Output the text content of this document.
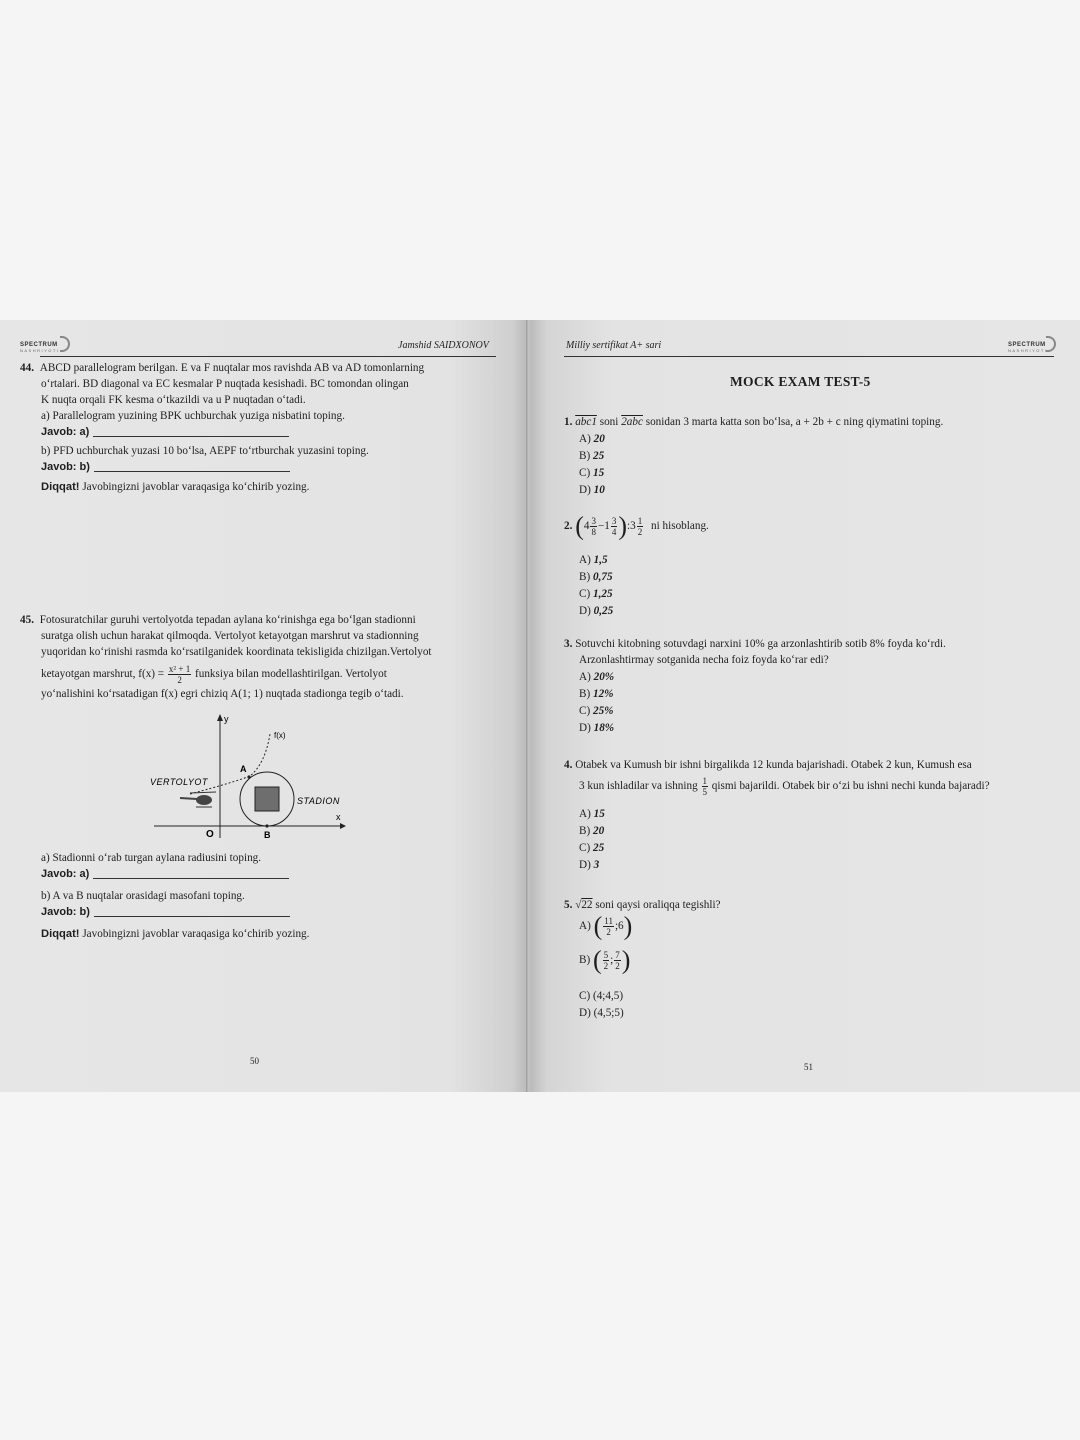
SPECTRUM
NASHRIYOTI	Jamshid SAIDXONOV

44. ABCD parallelogram berilgan. E va F nuqtalar mos ravishda AB va AD tomonlarning

o‘rtalari. BD diagonal va EC kesmalar P nuqtada kesishadi. BC tomondan olingan

K nuqta orqali FK kesma o‘tkazildi va u P nuqtadan o‘tadi.

a) Parallelogram yuzining BPK uchburchak yuziga nisbatini toping.

Javob: a)

b) PFD uchburchak yuzasi 10 bo‘lsa, AEPF to‘rtburchak yuzasini toping.

Javob: b)

Diqqat! Javobingizni javoblar varaqasiga ko‘chirib yozing.

45. Fotosuratchilar guruhi vertolyotda tepadan aylana ko‘rinishga ega bo‘lgan stadionni

suratga olish uchun harakat qilmoqda. Vertolyot ketayotgan marshrut va stadionning

yuqoridan ko‘rinishi rasmda ko‘rsatilganidek koordinata tekisligida chizilgan.Vertolyot

ketayotgan marshrut, $f(x) = \frac{\text{x² + 1}}{2}$ funksiya bilan modellashtirilgan. Vertolyot

yo‘nalishini ko‘rsatadigan f(x) egri chiziq A(1; 1) nuqtada stadionga tegib o‘tadi.

y
x
O	B
A
f(x)
VERTOLYOT
STADION

a) Stadionni o‘rab turgan aylana radiusini toping.

Javob: a)

b) A va B nuqtalar orasidagi masofani toping.

Javob: b)

Diqqat! Javobingizni javoblar varaqasiga ko‘chirib yozing.

50
Milliy sertifikat A+ sari	SPECTRUM
NASHRIYOTI
MOCK EXAM TEST-5

1. abc1 soni 2abc sonidan 3 marta katta son bo‘lsa, a + 2b + c ning qiymatini toping.

A) 20
B) 25
C) 15
D) 10

2. ($4 \frac{3}{8} -1 \frac{3}{4}$ ):3 $\frac{1}{2}$ ni hisoblang.

A) 1,5
B) 0,75
C) 1,25
D) 0,25

3. Sotuvchi kitobning sotuvdagi narxini 10% ga arzonlashtirib sotib 8% foyda ko‘rdi.

Arzonlashtirmay sotganida necha foiz foyda ko‘rar edi?

A) 20%
B) 12%
C) 25%
D) 18%

4. Otabek va Kumush bir ishni birgalikda 12 kunda bajarishadi. Otabek 2 kun, Kumush esa

3 kun ishladilar va ishning $\frac{1}{5}$ qismi bajarildi. Otabek bir o‘zi bu ishni nechi kunda bajaradi?

A) 15
B) 20
C) 25
D) 3

5. √22 soni qaysi oraliqqa tegishli?

A) ( $\frac{11}{2}$ ;6)
B) ( $\frac{5}{2}$ ; $\frac{7}{2}$ )
C) (4;4,5)
D) (4,5;5)
51
